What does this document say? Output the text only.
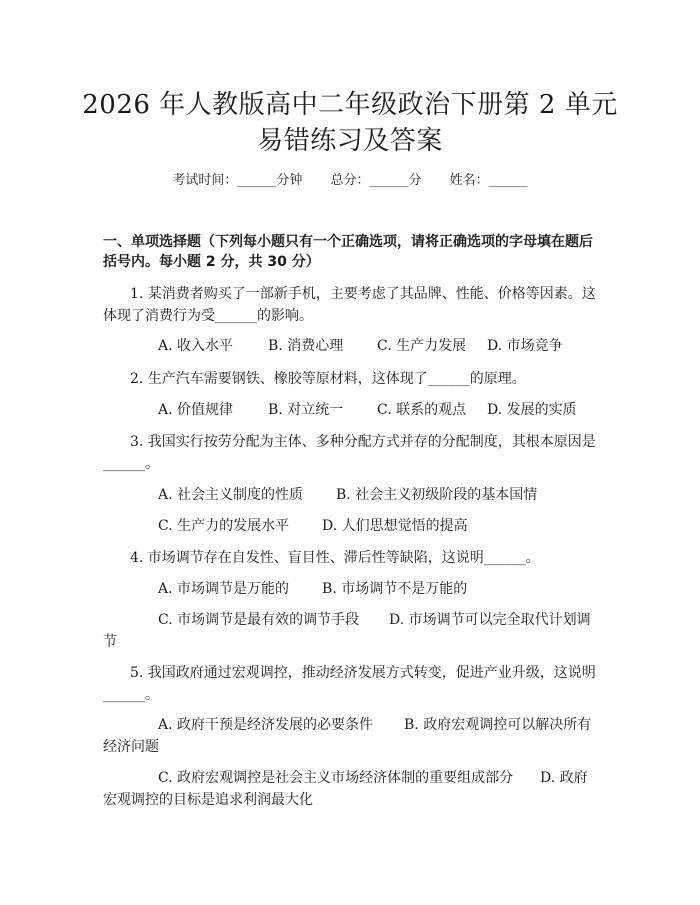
2026 年人教版高中二年级政治下册第 2 单元
易错练习及答案
考试时间：______分钟 总分：______分 姓名：______
一、单项选择题（下列每小题只有一个正确选项，请将正确选项的字母填在题后
括号内。每小题 2 分，共 30 分）
1. 某消费者购买了一部新手机，主要考虑了其品牌、性能、价格等因素。这
体现了消费行为受______的影响。
A. 收入水平 B. 消费心理 C. 生产力发展 D. 市场竞争
2. 生产汽车需要钢铁、橡胶等原材料，这体现了______的原理。
A. 价值规律 B. 对立统一 C. 联系的观点 D. 发展的实质
3. 我国实行按劳分配为主体、多种分配方式并存的分配制度，其根本原因是
______。
A. 社会主义制度的性质 B. 社会主义初级阶段的基本国情
C. 生产力的发展水平 D. 人们思想觉悟的提高
4. 市场调节存在自发性、盲目性、滞后性等缺陷，这说明______。
A. 市场调节是万能的 B. 市场调节不是万能的
C. 市场调节是最有效的调节手段 D. 市场调节可以完全取代计划调
节
5. 我国政府通过宏观调控，推动经济发展方式转变，促进产业升级，这说明
______。
A. 政府干预是经济发展的必要条件 B. 政府宏观调控可以解决所有
经济问题
C. 政府宏观调控是社会主义市场经济体制的重要组成部分 D. 政府
宏观调控的目标是追求利润最大化
